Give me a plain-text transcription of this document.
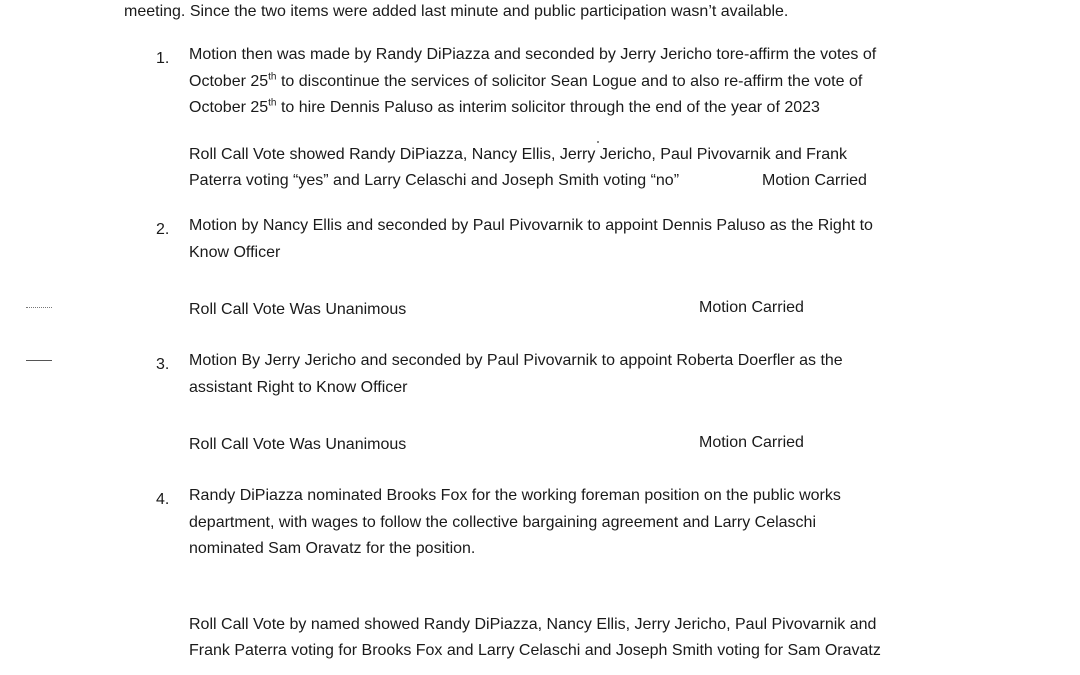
meeting. Since the two items were added last minute and public participation wasn’t available.
1. Motion then was made by Randy DiPiazza and seconded by Jerry Jericho tore-affirm the votes of
October 25th to discontinue the services of solicitor Sean Logue and to also re-affirm the vote of
October 25th to hire Dennis Paluso as interim solicitor through the end of the year of 2023
Roll Call Vote showed Randy DiPiazza, Nancy Ellis, Jerry Jericho, Paul Pivovarnik and Frank
Paterra voting “yes” and Larry Celaschi and Joseph Smith voting “no”	Motion Carried
2. Motion by Nancy Ellis and seconded by Paul Pivovarnik to appoint Dennis Paluso as the Right to
Know Officer
Roll Call Vote Was Unanimous	Motion Carried
3. Motion By Jerry Jericho and seconded by Paul Pivovarnik to appoint Roberta Doerfler as the
assistant Right to Know Officer
Roll Call Vote Was Unanimous	Motion Carried
4. Randy DiPiazza nominated Brooks Fox for the working foreman position on the public works
department, with wages to follow the collective bargaining agreement and Larry Celaschi
nominated Sam Oravatz for the position.
Roll Call Vote by named showed Randy DiPiazza, Nancy Ellis, Jerry Jericho, Paul Pivovarnik and
Frank Paterra voting for Brooks Fox and Larry Celaschi and Joseph Smith voting for Sam Oravatz
